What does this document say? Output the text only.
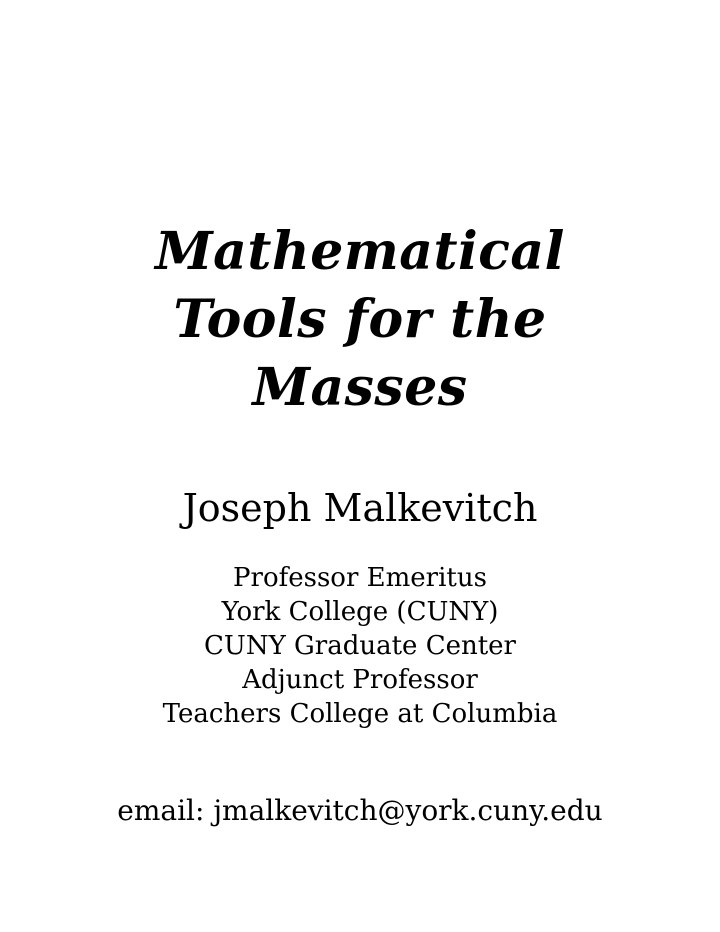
Mathematical
Tools for the
Masses
Joseph Malkevitch
Professor Emeritus
York College (CUNY)
CUNY Graduate Center
Adjunct Professor
Teachers College at Columbia
email: jmalkevitch@york.cuny.edu
